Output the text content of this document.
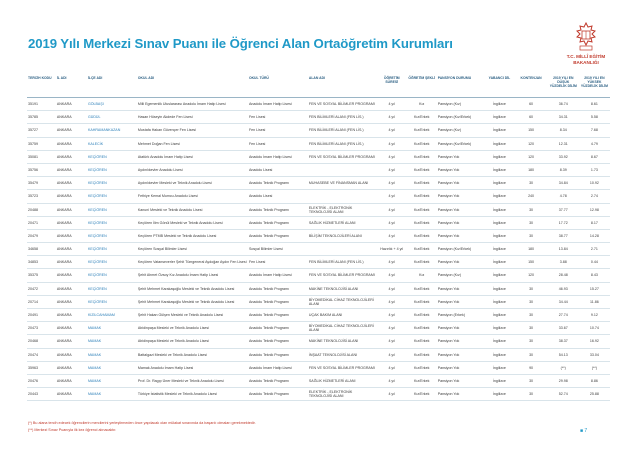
2019 Yılı Merkezi Sınav Puanı ile Öğrenci Alan Ortaöğretim Kurumları
T.C. MİLLÎ EĞİTİM
BAKANLIĞI
TERCİH KODU	İL ADI	İLÇE ADI	OKUL ADI	OKUL TÜRÜ	ALAN ADI	ÖĞRETİM SÜRESİ	ÖĞRETİM ŞEKLİ	PANSİYON DURUMU	YABANCI DİL	KONTENJAN	2019 YILI EN DÜŞÜK YÜZDELİK DİLİM	2019 YILI EN YÜKSEK YÜZDELİK DİLİM
35191	ANKARA	GÖLBAŞI	Milli Egemenlik Uluslararası Anadolu İmam Hatip Lisesi	Anadolu İmam Hatip Lisesi	FEN VE SOSYAL BİLİMLER PROGRAMI	4 yıl	Kız	Pansiyon (Kız)	İngilizce	60	36.74	8.61
35785	ANKARA	GÜDÜL	Hasan Hüseyin Akdede Fen Lisesi	Fen Lisesi	FEN BİLİMLERİ ALANI (FEN LİS.)	4 yıl	Kız/Erkek	Pansiyon (Kız/Erkek)	İngilizce	60	34.31	5.58
35727	ANKARA	KAHRAMANKAZAN	Mustafa Hakan Güvençer Fen Lisesi	Fen Lisesi	FEN BİLİMLERİ ALANI (FEN LİS.)	4 yıl	Kız/Erkek	Pansiyon (Kız)	İngilizce	150	8.34	7.68
35759	ANKARA	KALECİK	Mehmet Doğan Fen Lisesi	Fen Lisesi	FEN BİLİMLERİ ALANI (FEN LİS.)	4 yıl	Kız/Erkek	Pansiyon (Kız/Erkek)	İngilizce	120	12.31	4.79
35081	ANKARA	KEÇİÖREN	Atatürk Anadolu İmam Hatip Lisesi	Anadolu İmam Hatip Lisesi	FEN VE SOSYAL BİLİMLER PROGRAMI	4 yıl	Kız/Erkek	Pansiyon Yok	İngilizce	120	33.92	8.67
35756	ANKARA	KEÇİÖREN	Aydınlıkevler Anadolu Lisesi	Anadolu Lisesi		4 yıl	Kız/Erkek	Pansiyon Yok	İngilizce	180	8.39	1.73
35479	ANKARA	KEÇİÖREN	Aydınlıkevler Mesleki ve Teknik Anadolu Lisesi	Anadolu Teknik Programı	MUHASEBE VE FİNANSMAN ALANI	4 yıl	Kız/Erkek	Pansiyon Yok	İngilizce	30	34.84	10.92
35723	ANKARA	KEÇİÖREN	Fethiye Kemal Mumcu Anadolu Lisesi	Anadolu Lisesi		4 yıl	Kız/Erkek	Pansiyon Yok	İngilizce	240	4.78	2.74
20488	ANKARA	KEÇİÖREN	Kanuni Mesleki ve Teknik Anadolu Lisesi	Anadolu Teknik Programı	ELEKTRİK - ELEKTRONİK TEKNOLOJİSİ ALANI	4 yıl	Kız/Erkek	Pansiyon Yok	İngilizce	30	37.77	12.98
20471	ANKARA	KEÇİÖREN	Keçiören İlim Gönül Mesleki ve Teknik Anadolu Lisesi	Anadolu Teknik Programı	SAĞLIK HİZMETLERİ ALANI	4 yıl	Kız/Erkek	Pansiyon Yok	İngilizce	30	17.72	8.17
20479	ANKARA	KEÇİÖREN	Keçiören PTMB Mesleki ve Teknik Anadolu Lisesi	Anadolu Teknik Programı	BİLİŞİM TEKNOLOJİLERİ ALANI	4 yıl	Kız/Erkek	Pansiyon Yok	İngilizce	30	38.77	14.28
34658	ANKARA	KEÇİÖREN	Keçiören Sosyal Bilimler Lisesi	Sosyal Bilimler Lisesi		Hazırlık + 4 yıl	Kız/Erkek	Pansiyon (Kız/Erkek)	İngilizce	180	13.84	2.71
34853	ANKARA	KEÇİÖREN	Keçiören Vatanseverler Şehit Tümgeneral Aydoğan Aydın Fen Lisesi	Fen Lisesi	FEN BİLİMLERİ ALANI (FEN LİS.)	4 yıl	Kız/Erkek	Pansiyon Yok	İngilizce	150	3.88	0.44
35375	ANKARA	KEÇİÖREN	Şehit Ahmet Özsoy Kız Anadolu İmam Hatip Lisesi	Anadolu İmam Hatip Lisesi	FEN VE SOSYAL BİLİMLER PROGRAMI	4 yıl	Kız	Pansiyon (Kız)	İngilizce	120	28.48	8.43
20472	ANKARA	KEÇİÖREN	Şehit Mehmet Karakaşoğlu Mesleki ve Teknik Anadolu Lisesi	Anadolu Teknik Programı	MAKİNE TEKNOLOJİSİ ALANI	4 yıl	Kız/Erkek	Pansiyon Yok	İngilizce	30	46.93	15.27
20714	ANKARA	KEÇİÖREN	Şehit Mehmet Karakaşoğlu Mesleki ve Teknik Anadolu Lisesi	Anadolu Teknik Programı	BİYOMEDİKAL CİHAZ TEKNOLOJİLERİ ALANI	4 yıl	Kız/Erkek	Pansiyon Yok	İngilizce	30	34.44	11.86
20491	ANKARA	KIZILCAHAMAM	Şehit Hakan Gülşen Mesleki ve Teknik Anadolu Lisesi	Anadolu Teknik Programı	UÇAK BAKIM ALANI	4 yıl	Kız/Erkek	Pansiyon (Erkek)	İngilizce	30	27.74	9.12
20473	ANKARA	MAMAK	Abidinpaşa Mesleki ve Teknik Anadolu Lisesi	Anadolu Teknik Programı	BİYOMEDİKAL CİHAZ TEKNOLOJİLERİ ALANI	4 yıl	Kız/Erkek	Pansiyon Yok	İngilizce	30	33.67	10.74
20468	ANKARA	MAMAK	Abidinpaşa Mesleki ve Teknik Anadolu Lisesi	Anadolu Teknik Programı	MAKİNE TEKNOLOJİSİ ALANI	4 yıl	Kız/Erkek	Pansiyon Yok	İngilizce	30	38.37	16.92
20474	ANKARA	MAMAK	Battalgazi Mesleki ve Teknik Anadolu Lisesi	Anadolu Teknik Programı	İNŞAAT TEKNOLOJİSİ ALANI	4 yıl	Kız/Erkek	Pansiyon Yok	İngilizce	30	54.13	33.04
35963	ANKARA	MAMAK	Mamak Anadolu İmam Hatip Lisesi	Anadolu İmam Hatip Lisesi	FEN VE SOSYAL BİLİMLER PROGRAMI	4 yıl	Kız/Erkek	Pansiyon Yok	İngilizce	90	(**)	(**)
20476	ANKARA	MAMAK	Prof. Dr. Ragıp Üner Mesleki ve Teknik Anadolu Lisesi	Anadolu Teknik Programı	SAĞLIK HİZMETLERİ ALANI	4 yıl	Kız/Erkek	Pansiyon Yok	İngilizce	30	29.98	8.86
20443	ANKARA	MAMAK	Türkiye İstatistik Mesleki ve Teknik Anadolu Lisesi	Anadolu Teknik Programı	ELEKTRİK - ELEKTRONİK TEKNOLOJİSİ ALANI	4 yıl	Kız/Erkek	Pansiyon Yok	İngilizce	30	52.74	25.88
(*) Bu alana tercih edecek öğrencilerin mercilerini yerleştirmeden önce yapılacak olan mülakat sınavında da başarılı olmaları gerekmektedir.
(**) Merkezi Sınav Puanıyla ilk kez öğrenci alınacaktır.	■ 7
